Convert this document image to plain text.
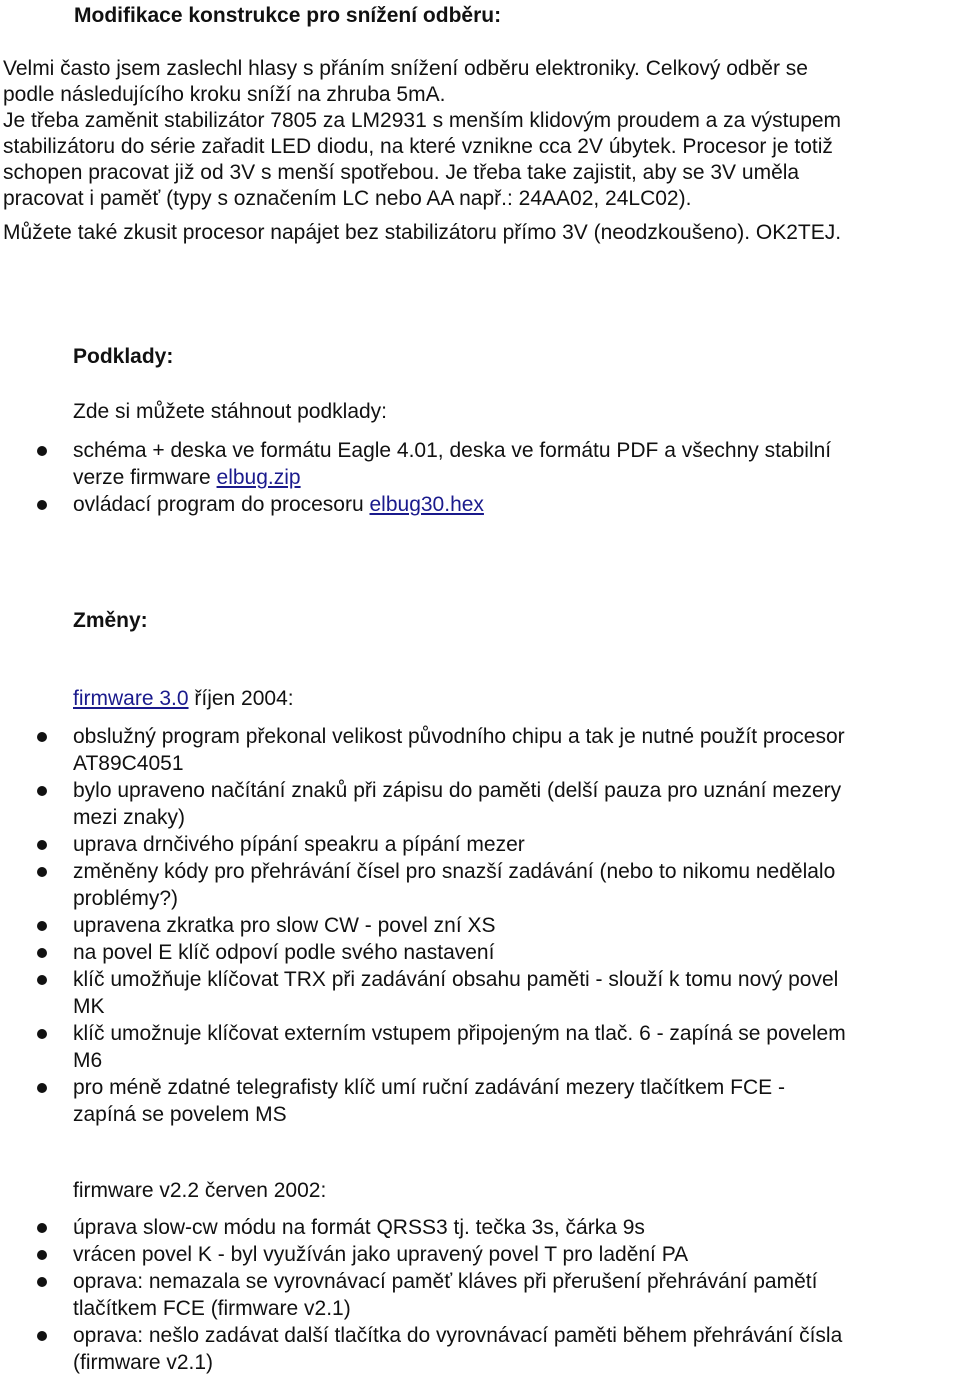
Modifikace konstrukce pro snížení odběru:
Velmi často jsem zaslechl hlasy s přáním snížení odběru elektroniky. Celkový odběr se
podle následujícího kroku sníží na zhruba 5mA.
Je třeba zaměnit stabilizátor 7805 za LM2931 s menším klidovým proudem a za výstupem
stabilizátoru do série zařadit LED diodu, na které vznikne cca 2V úbytek. Procesor je totiž
schopen pracovat již od 3V s menší spotřebou. Je třeba take zajistit, aby se 3V uměla
pracovat i paměť (typy s označením LC nebo AA např.: 24AA02, 24LC02).
Můžete také zkusit procesor napájet bez stabilizátoru přímo 3V (neodzkoušeno). OK2TEJ.
Podklady:
Zde si můžete stáhnout podklady:
schéma + deska ve formátu Eagle 4.01, deska ve formátu PDF a všechny stabilní
verze firmware elbug.zip
ovládací program do procesoru elbug30.hex
Změny:
firmware 3.0 říjen 2004:
obslužný program překonal velikost původního chipu a tak je nutné použít procesor
AT89C4051
bylo upraveno načítání znaků při zápisu do paměti (delší pauza pro uznání mezery
mezi znaky)
uprava drnčivého pípání speakru a pípání mezer
změněny kódy pro přehrávání čísel pro snazší zadávání (nebo to nikomu nedělalo
problémy?)
upravena zkratka pro slow CW - povel zní XS
na povel E klíč odpoví podle svého nastavení
klíč umožňuje klíčovat TRX při zadávání obsahu paměti - slouží k tomu nový povel
MK
klíč umožnuje klíčovat externím vstupem připojeným na tlač. 6 - zapíná se povelem
M6
pro méně zdatné telegrafisty klíč umí ruční zadávání mezery tlačítkem FCE -
zapíná se povelem MS
firmware v2.2 červen 2002:
úprava slow-cw módu na formát QRSS3 tj. tečka 3s, čárka 9s
vrácen povel K - byl využíván jako upravený povel T pro ladění PA
oprava: nemazala se vyrovnávací paměť kláves při přerušení přehrávání pamětí
tlačítkem FCE (firmware v2.1)
oprava: nešlo zadávat další tlačítka do vyrovnávací paměti během přehrávání čísla
(firmware v2.1)
